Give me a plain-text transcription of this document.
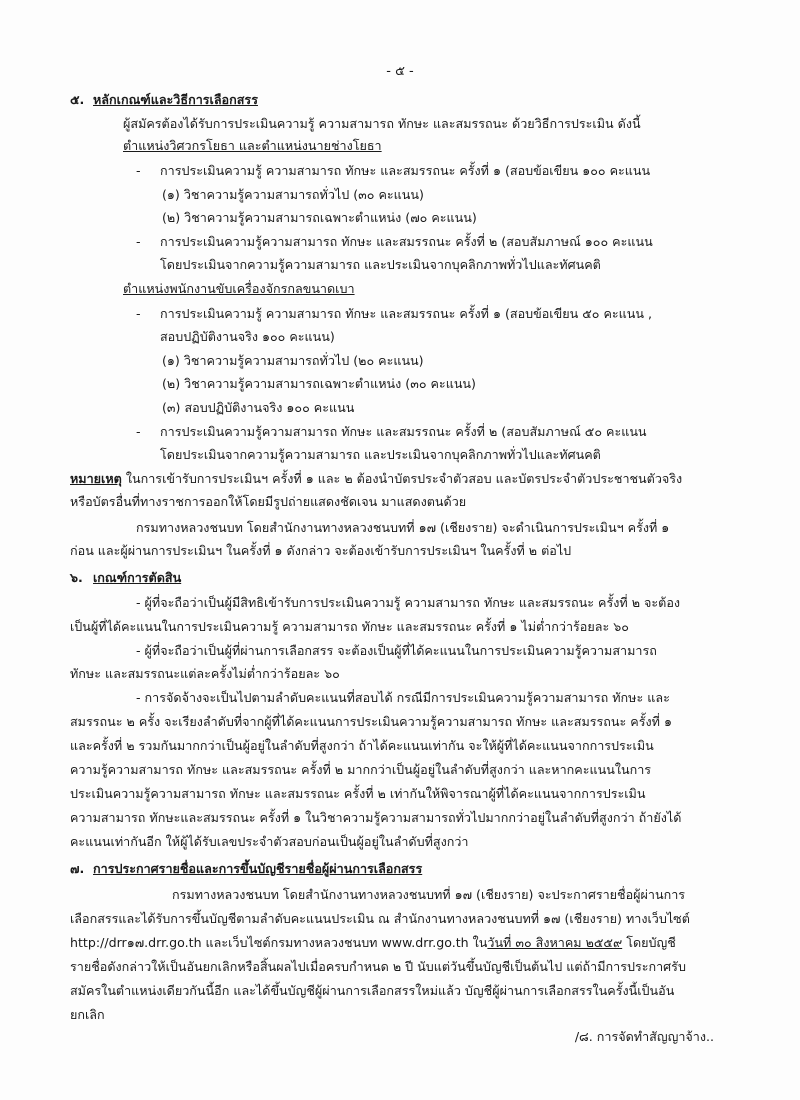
- ๕ -
๕. หลักเกณฑ์และวิธีการเลือกสรร
ผู้สมัครต้องได้รับการประเมินความรู้ ความสามารถ ทักษะ และสมรรถนะ ด้วยวิธีการประเมิน ดังนี้
ตำแหน่งวิศวกรโยธา และตำแหน่งนายช่างโยธา
- การประเมินความรู้ ความสามารถ ทักษะ และสมรรถนะ ครั้งที่ ๑ (สอบข้อเขียน ๑๐๐ คะแนน
(๑) วิชาความรู้ความสามารถทั่วไป (๓๐ คะแนน)
(๒) วิชาความรู้ความสามารถเฉพาะตำแหน่ง (๗๐ คะแนน)
- การประเมินความรู้ความสามารถ ทักษะ และสมรรถนะ ครั้งที่ ๒ (สอบสัมภาษณ์ ๑๐๐ คะแนน
โดยประเมินจากความรู้ความสามารถ และประเมินจากบุคลิกภาพทั่วไปและทัศนคติ
ตำแหน่งพนักงานขับเครื่องจักรกลขนาดเบา
- การประเมินความรู้ ความสามารถ ทักษะ และสมรรถนะ ครั้งที่ ๑ (สอบข้อเขียน ๕๐ คะแนน ,
สอบปฏิบัติงานจริง ๑๐๐ คะแนน)
(๑) วิชาความรู้ความสามารถทั่วไป (๒๐ คะแนน)
(๒) วิชาความรู้ความสามารถเฉพาะตำแหน่ง (๓๐ คะแนน)
(๓) สอบปฏิบัติงานจริง ๑๐๐ คะแนน
- การประเมินความรู้ความสามารถ ทักษะ และสมรรถนะ ครั้งที่ ๒ (สอบสัมภาษณ์ ๕๐ คะแนน
โดยประเมินจากความรู้ความสามารถ และประเมินจากบุคลิกภาพทั่วไปและทัศนคติ
หมายเหตุ ในการเข้ารับการประเมินฯ ครั้งที่ ๑ และ ๒ ต้องนำบัตรประจำตัวสอบ และบัตรประจำตัวประชาชนตัวจริง
หรือบัตรอื่นที่ทางราชการออกให้โดยมีรูปถ่ายแสดงชัดเจน มาแสดงตนด้วย
กรมทางหลวงชนบท โดยสำนักงานทางหลวงชนบทที่ ๑๗ (เชียงราย) จะดำเนินการประเมินฯ ครั้งที่ ๑
ก่อน และผู้ผ่านการประเมินฯ ในครั้งที่ ๑ ดังกล่าว จะต้องเข้ารับการประเมินฯ ในครั้งที่ ๒ ต่อไป
๖. เกณฑ์การตัดสิน
- ผู้ที่จะถือว่าเป็นผู้มีสิทธิเข้ารับการประเมินความรู้ ความสามารถ ทักษะ และสมรรถนะ ครั้งที่ ๒ จะต้อง
เป็นผู้ที่ได้คะแนนในการประเมินความรู้ ความสามารถ ทักษะ และสมรรถนะ ครั้งที่ ๑ ไม่ต่ำกว่าร้อยละ ๖๐
- ผู้ที่จะถือว่าเป็นผู้ที่ผ่านการเลือกสรร จะต้องเป็นผู้ที่ได้คะแนนในการประเมินความรู้ความสามารถ
ทักษะ และสมรรถนะแต่ละครั้งไม่ต่ำกว่าร้อยละ ๖๐
- การจัดจ้างจะเป็นไปตามลำดับคะแนนที่สอบได้ กรณีมีการประเมินความรู้ความสามารถ ทักษะ และ
สมรรถนะ ๒ ครั้ง จะเรียงลำดับที่จากผู้ที่ได้คะแนนการประเมินความรู้ความสามารถ ทักษะ และสมรรถนะ ครั้งที่ ๑
และครั้งที่ ๒ รวมกันมากกว่าเป็นผู้อยู่ในลำดับที่สูงกว่า ถ้าได้คะแนนเท่ากัน จะให้ผู้ที่ได้คะแนนจากการประเมิน
ความรู้ความสามารถ ทักษะ และสมรรถนะ ครั้งที่ ๒ มากกว่าเป็นผู้อยู่ในลำดับที่สูงกว่า และหากคะแนนในการ
ประเมินความรู้ความสามารถ ทักษะ และสมรรถนะ ครั้งที่ ๒ เท่ากันให้พิจารณาผู้ที่ได้คะแนนจากการประเมิน
ความสามารถ ทักษะและสมรรถนะ ครั้งที่ ๑ ในวิชาความรู้ความสามารถทั่วไปมากกว่าอยู่ในลำดับที่สูงกว่า ถ้ายังได้
คะแนนเท่ากันอีก ให้ผู้ได้รับเลขประจำตัวสอบก่อนเป็นผู้อยู่ในลำดับที่สูงกว่า
๗. การประกาศรายชื่อและการขึ้นบัญชีรายชื่อผู้ผ่านการเลือกสรร
กรมทางหลวงชนบท โดยสำนักงานทางหลวงชนบทที่ ๑๗ (เชียงราย) จะประกาศรายชื่อผู้ผ่านการ
เลือกสรรและได้รับการขึ้นบัญชีตามลำดับคะแนนประเมิน ณ สำนักงานทางหลวงชนบทที่ ๑๗ (เชียงราย) ทางเว็บไซต์
http://drr๑๗.drr.go.th และเว็บไซต์กรมทางหลวงชนบท www.drr.go.th ในวันที่ ๓๐ สิงหาคม ๒๕๕๙ โดยบัญชี
รายชื่อดังกล่าวให้เป็นอันยกเลิกหรือสิ้นผลไปเมื่อครบกำหนด ๒ ปี นับแต่วันขึ้นบัญชีเป็นต้นไป แต่ถ้ามีการประกาศรับ
สมัครในตำแหน่งเดียวกันนี้อีก และได้ขึ้นบัญชีผู้ผ่านการเลือกสรรใหม่แล้ว บัญชีผู้ผ่านการเลือกสรรในครั้งนี้เป็นอัน
ยกเลิก
/๘. การจัดทำสัญญาจ้าง..
